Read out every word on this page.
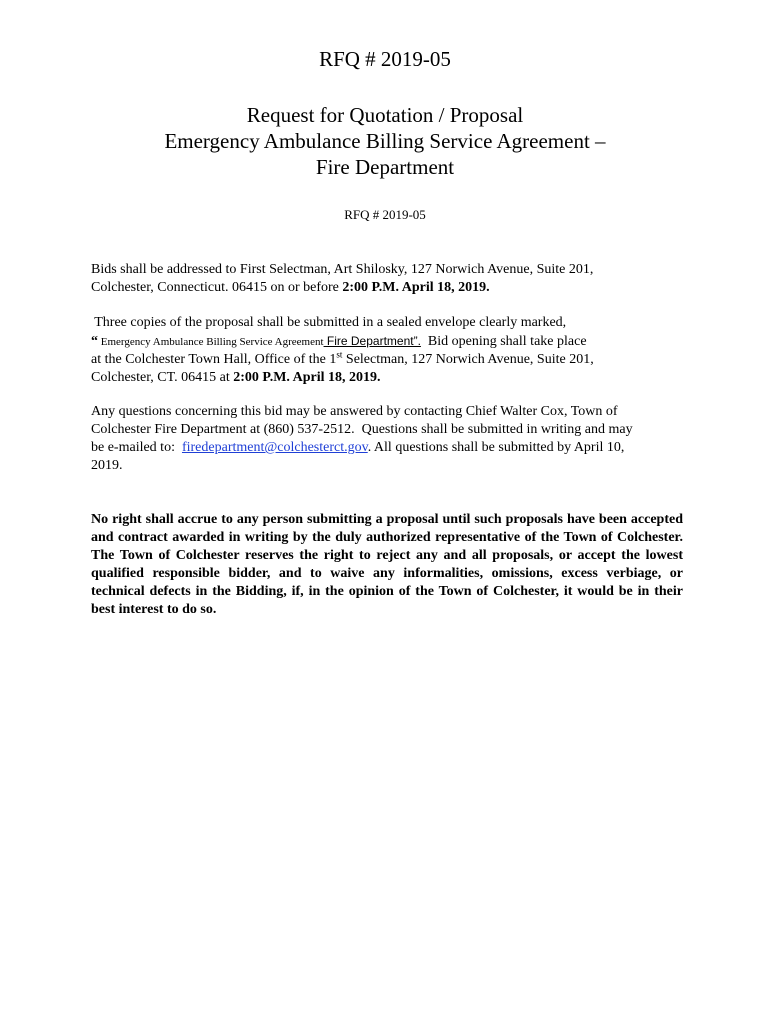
RFQ # 2019-05
Request for Quotation / Proposal
Emergency Ambulance Billing Service Agreement –
Fire Department
RFQ # 2019-05
Bids shall be addressed to First Selectman, Art Shilosky, 127 Norwich Avenue, Suite 201,
Colchester, Connecticut. 06415 on or before 2:00 P.M. April 18, 2019.
Three copies of the proposal shall be submitted in a sealed envelope clearly marked,
“ Emergency Ambulance Billing Service Agreement Fire Department”.  Bid opening shall take place
at the Colchester Town Hall, Office of the 1st Selectman, 127 Norwich Avenue, Suite 201,
Colchester, CT. 06415 at 2:00 P.M. April 18, 2019.
Any questions concerning this bid may be answered by contacting Chief Walter Cox, Town of
Colchester Fire Department at (860) 537-2512.  Questions shall be submitted in writing and may
be e-mailed to:  firedepartment@colchesterct.gov. All questions shall be submitted by April 10,
2019.
No right shall accrue to any person submitting a proposal until such proposals have been accepted and contract awarded in writing by the duly authorized representative of the Town of Colchester. The Town of Colchester reserves the right to reject any and all proposals, or accept the lowest qualified responsible bidder, and to waive any informalities, omissions, excess verbiage, or technical defects in the Bidding, if, in the opinion of the Town of Colchester, it would be in their best interest to do so.
